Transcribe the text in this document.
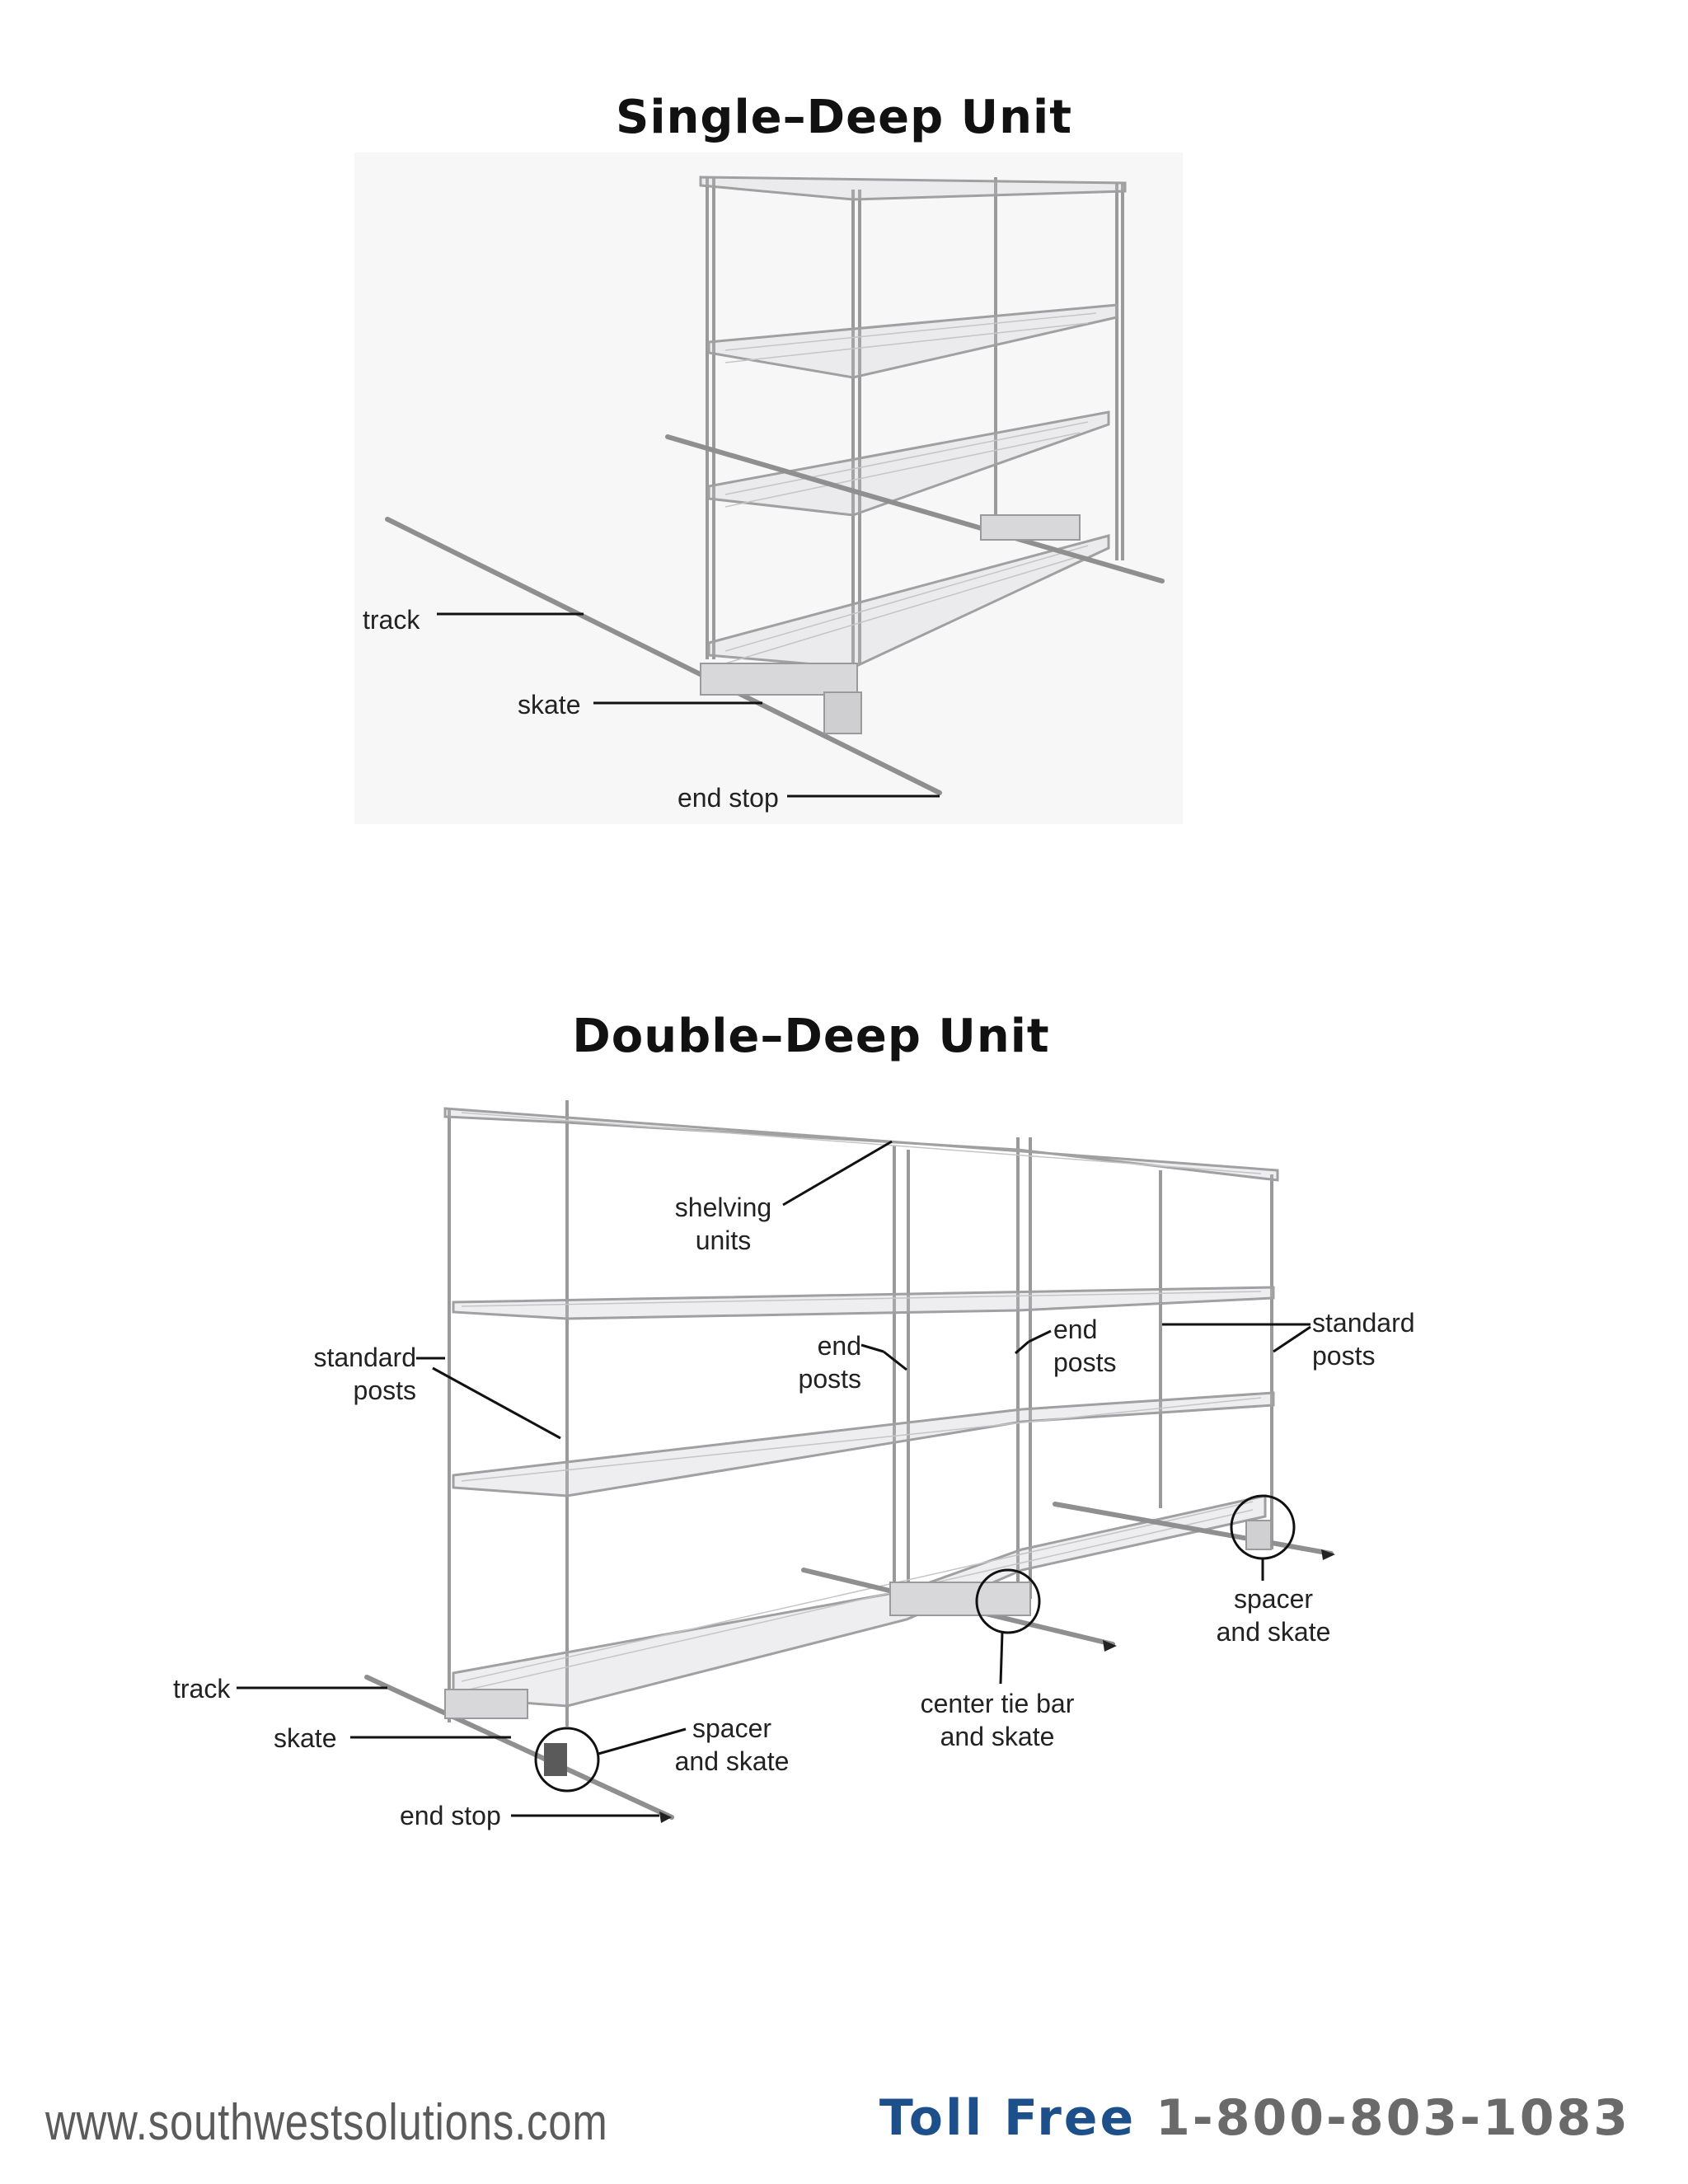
Single–Deep Unit
track
skate
end stop
Double–Deep Unit
shelving
units
standard
posts
end
posts
end
posts
standard
posts
spacer
and skate
center tie bar
and skate
spacer
and skate
track
skate
end stop
www.southwestsolutions.com	Toll Free 1-800-803-1083
